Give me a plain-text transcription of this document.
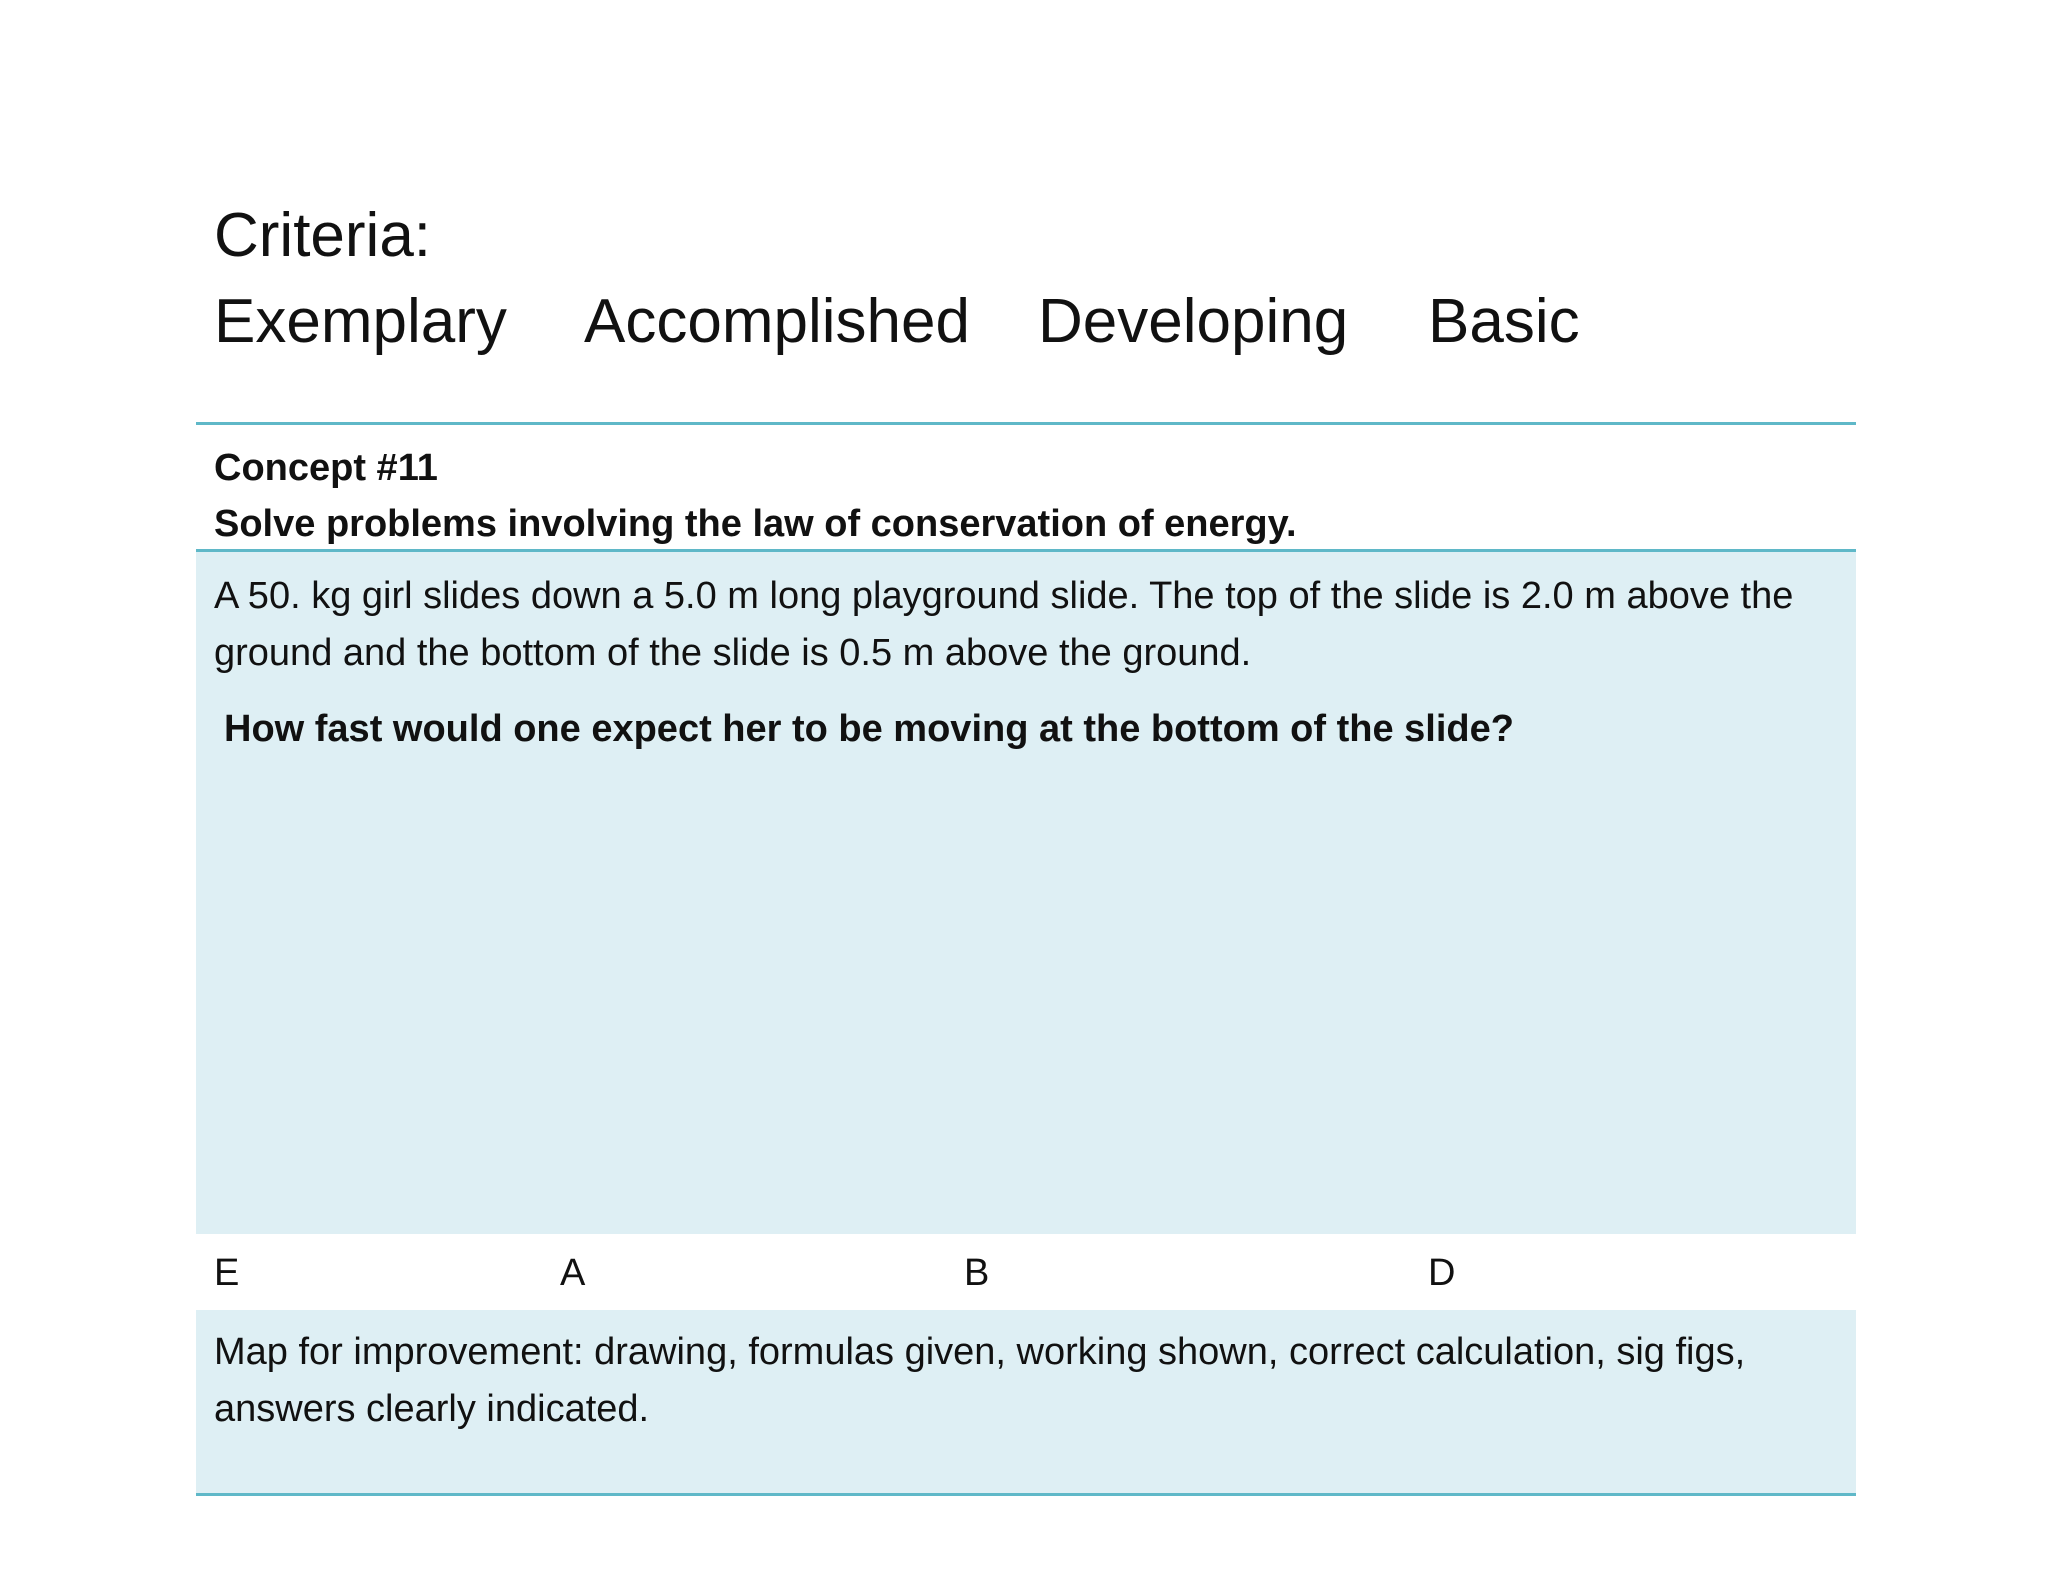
Criteria:
Exemplary Accomplished Developing Basic
Concept #11
Solve problems involving the law of conservation of energy.
A 50. kg girl slides down a 5.0 m long playground slide. The top of the slide is 2.0 m above the ground and the bottom of the slide is 0.5 m above the ground.
How fast would one expect her to be moving at the bottom of the slide?
E	A	B	D
Map for improvement: drawing, formulas given, working shown, correct calculation, sig figs, answers clearly indicated.
